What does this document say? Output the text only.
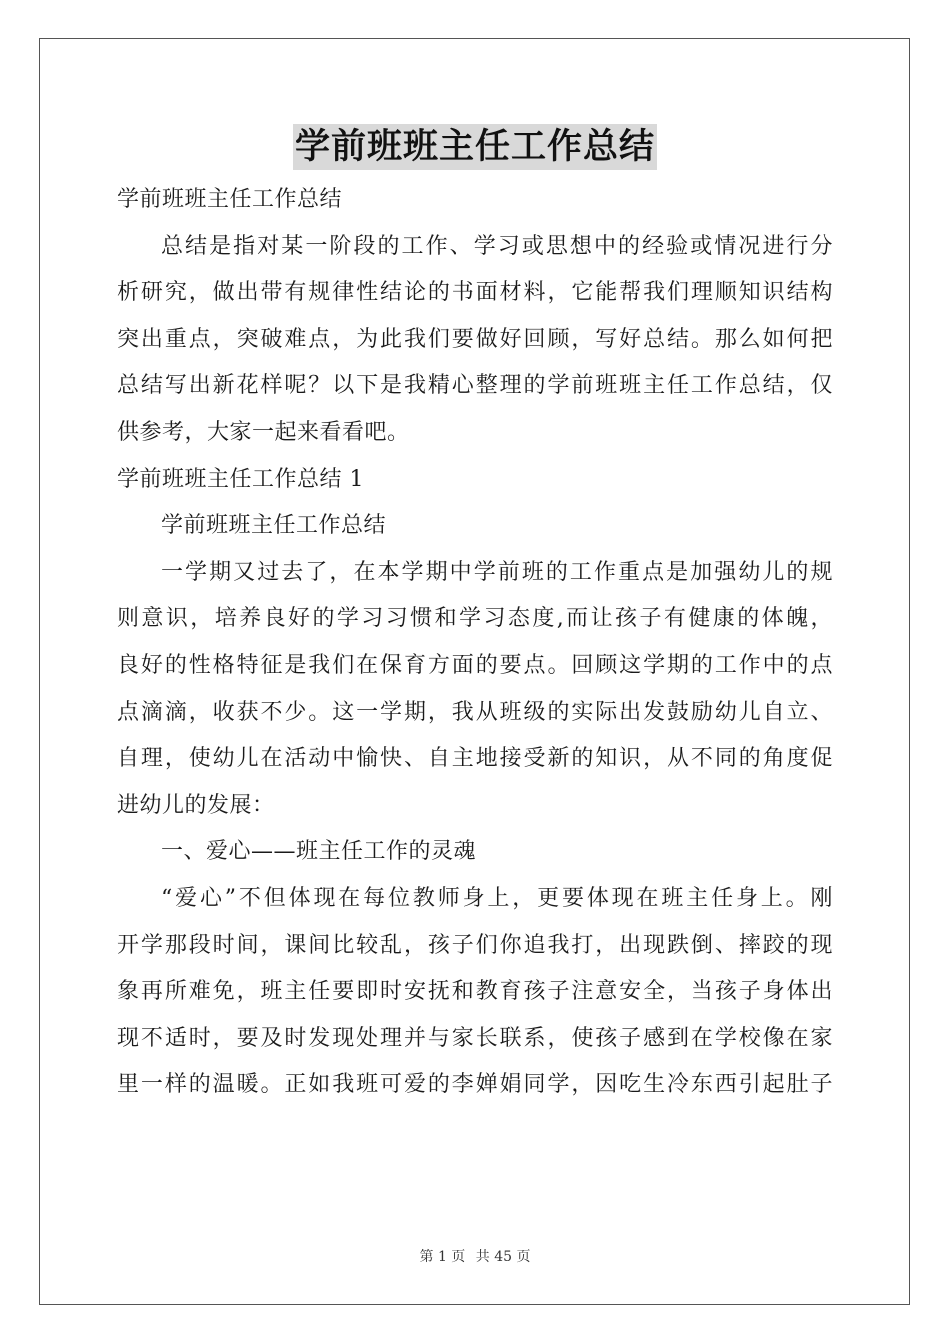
学前班班主任工作总结
学前班班主任工作总结
总结是指对某一阶段的工作、学习或思想中的经验或情况进行分
析研究，做出带有规律性结论的书面材料，它能帮我们理顺知识结构
突出重点，突破难点，为此我们要做好回顾，写好总结。那么如何把
总结写出新花样呢？以下是我精心整理的学前班班主任工作总结，仅
供参考，大家一起来看看吧。
学前班班主任工作总结 1
学前班班主任工作总结
一学期又过去了，在本学期中学前班的工作重点是加强幼儿的规
则意识，培养良好的学习习惯和学习态度,而让孩子有健康的体魄，
良好的性格特征是我们在保育方面的要点。回顾这学期的工作中的点
点滴滴，收获不少。这一学期，我从班级的实际出发鼓励幼儿自立、
自理，使幼儿在活动中愉快、自主地接受新的知识，从不同的角度促
进幼儿的发展：
一、爱心——班主任工作的灵魂
“爱心”不但体现在每位教师身上，更要体现在班主任身上。刚
开学那段时间，课间比较乱，孩子们你追我打，出现跌倒、摔跤的现
象再所难免，班主任要即时安抚和教育孩子注意安全，当孩子身体出
现不适时，要及时发现处理并与家长联系，使孩子感到在学校像在家
里一样的温暖。正如我班可爱的李婵娟同学，因吃生冷东西引起肚子
第 1 页 共 45 页
